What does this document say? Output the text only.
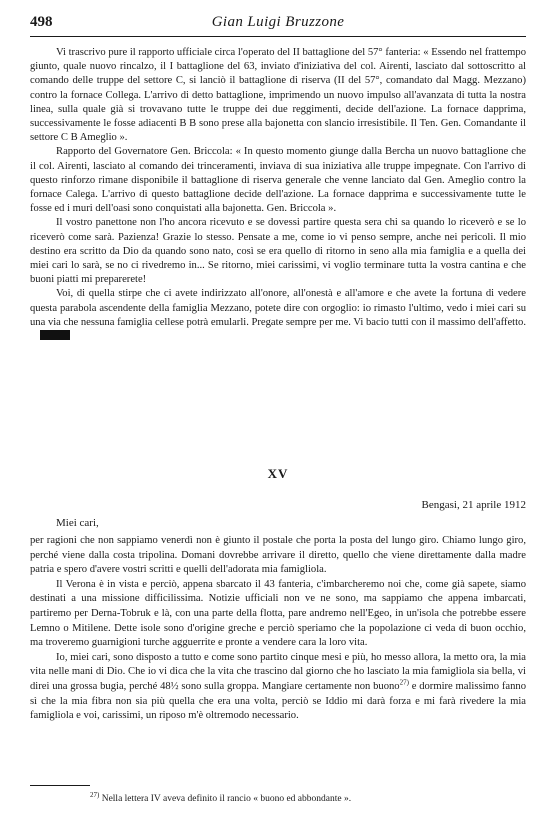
498	Gian Luigi Bruzzone

Vi trascrivo pure il rapporto ufficiale circa l'operato del II battaglione del 57° fanteria: « Essendo nel frattempo giunto, quale nuovo rincalzo, il I battaglione del 63, inviato d'iniziativa del col. Airenti, lasciato dal sottoscritto al comando delle truppe del settore C, si lanciò il battaglione di riserva (II del 57°, comandato dal Magg. Mezzano) contro la fornace Collega. L'arrivo di detto battaglione, imprimendo un nuovo impulso all'avanzata di tutta la nostra linea, sulla quale già si trovavano tutte le truppe dei due reggimenti, decide dell'azione. La fornace dapprima, successivamente le fosse adiacenti B B sono prese alla bajonetta con slancio irresistibile. Il Ten. Gen. Comandante il settore C B Ameglio ».

Rapporto del Governatore Gen. Briccola: « In questo momento giunge dalla Bercha un nuovo battaglione che il col. Airenti, lasciato al comando dei trinceramenti, inviava di sua iniziativa alle truppe impegnate. Con l'arrivo di questo rinforzo rimane disponibile il battaglione di riserva generale che venne lanciato dal Gen. Ameglio contro la fornace Calega. L'arrivo di questo battaglione decide dell'azione. La fornace dapprima e successivamente tutte le fosse ed i muri dell'oasi sono conquistati alla bajonetta. Gen. Briccola ».

Il vostro panettone non l'ho ancora ricevuto e se dovessi partire questa sera chi sa quando lo riceverò e se lo riceverò come sarà. Pazienza! Grazie lo stesso. Pensate a me, come io vi penso sempre, anche nei pericoli. Il mio destino era scritto da Dio da quando sono nato, così se era quello di ritorno in seno alla mia famiglia e a quella dei miei cari lo sarà, se no ci rivedremo in... Se ritorno, miei carissimi, vi voglio terminare tutta la vostra cantina e che buoni piatti mi preparerete!

Voi, di quella stirpe che ci avete indirizzato all'onore, all'onestà e all'amore e che avete la fortuna di vedere questa parabola ascendente della famiglia Mezzano, potete dire con orgoglio: io rimasto l'ultimo, vedo i miei cari su una via che nessuna famiglia cellese potrà emularli. Pregate sempre per me. Vi bacio tutti con il massimo dell'affetto.

XV
Bengasi, 21 aprile 1912
Miei cari,

per ragioni che non sappiamo venerdì non è giunto il postale che porta la posta del lungo giro. Chiamo lungo giro, perché viene dalla costa tripolina. Domani dovrebbe arrivare il diretto, quello che viene direttamente dalla madre patria e spero d'avere vostri scritti e quelli dell'adorata mia famigliola.

Il Verona è in vista e perciò, appena sbarcato il 43 fanteria, c'imbarcheremo noi che, come già sapete, siamo destinati a una missione difficilissima. Notizie ufficiali non ve ne sono, ma sappiamo che appena imbarcati, partiremo per Derna-Tobruk e là, con una parte della flotta, pare andremo nell'Egeo, in un'isola che potrebbe essere Lemno o Mitilene. Dette isole sono d'origine greche e perciò speriamo che la popolazione ci veda di buon occhio, ma troveremo guarnigioni turche agguerrite e pronte a vendere cara la loro vita.

Io, miei cari, sono disposto a tutto e come sono partito cinque mesi e più, ho messo allora, la metto ora, la mia vita nelle mani di Dio. Che io vi dica che la vita che trascino dal giorno che ho lasciato la mia famigliola sia bella, vi direi una grossa bugia, perché 48½ sono sulla groppa. Mangiare certamente non buono$^{27)}$ e dormire malissimo fanno sì che la mia fibra non sia più quella che era una volta, perciò se Iddio mi darà forza e mi farà rivedere la mia famigliola e voi, carissimi, un riposo m'è oltremodo necessario.

$^{27)}$ Nella lettera IV aveva definito il rancio « buono ed abbondante ».
